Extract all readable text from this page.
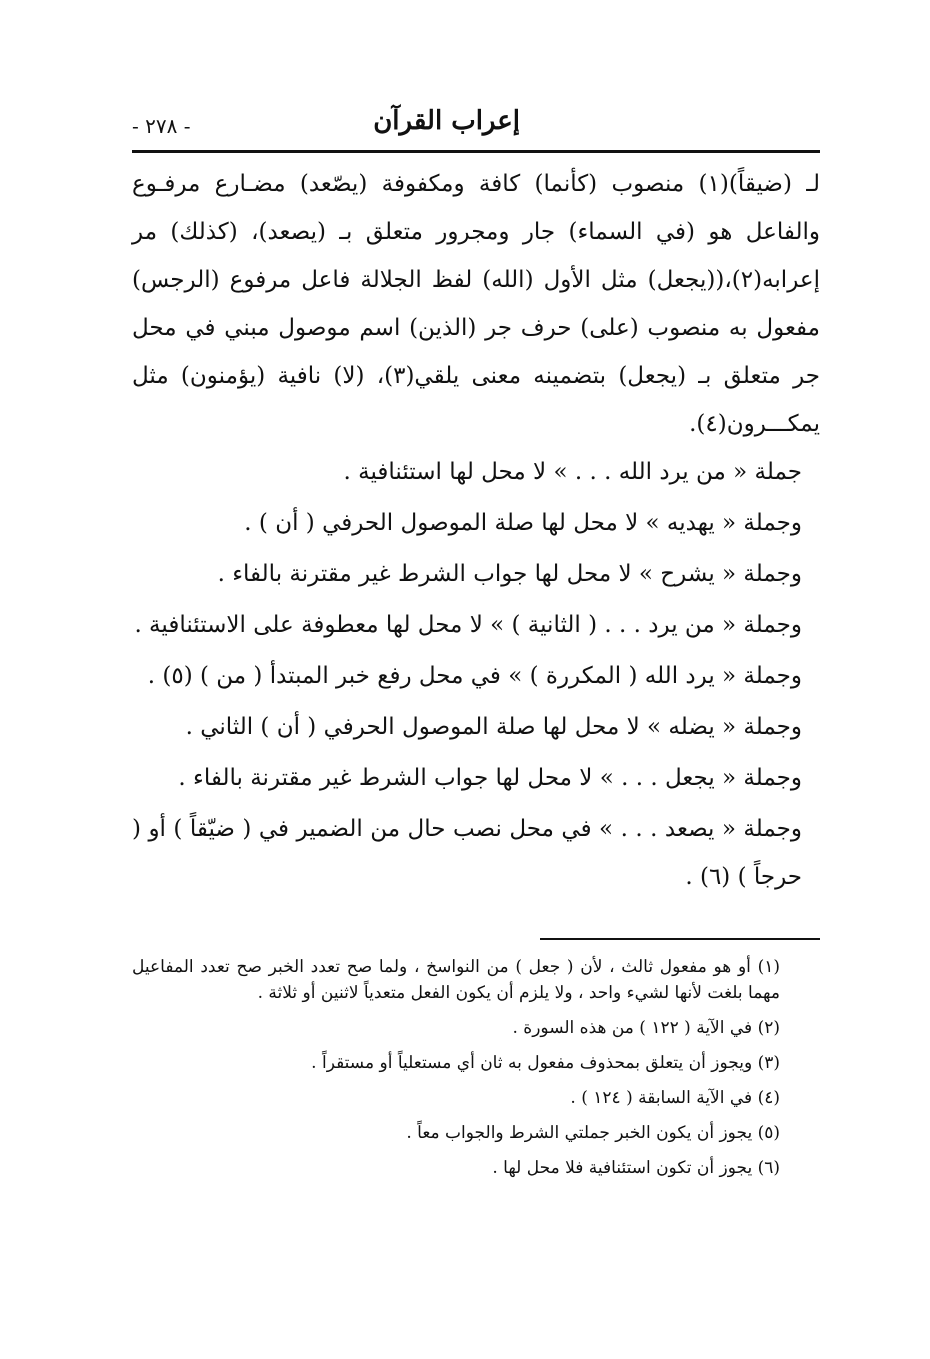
إعراب القرآن
- ٢٧٨ -

لـ (ضيقاً)(١) منصوب (كأنما) كافة ومكفوفة (يصّعد) مضـارع مرفـوع والفاعل هو (في السماء) جار ومجرور متعلق بـ (يصعد)، (كذلك) مر إعرابه(٢)،((يجعل) مثل الأول (الله) لفظ الجلالة فاعل مرفوع (الرجس) مفعول به منصوب (على) حرف جر (الذين) اسم موصول مبني في محل جر متعلق بـ (يجعل) بتضمينه معنى يلقي(٣)، (لا) نافية (يؤمنون) مثل يمكـــرون(٤).

جملة « من يرد الله . . . » لا محل لها استئنافية .

وجملة « يهديه » لا محل لها صلة الموصول الحرفي ( أن ) .

وجملة « يشرح » لا محل لها جواب الشرط غير مقترنة بالفاء .

وجملة « من يرد . . . ( الثانية ) » لا محل لها معطوفة على الاستئنافية .

وجملة « يرد الله ( المكررة ) » في محل رفع خبر المبتدأ ( من ) (٥) .

وجملة « يضله » لا محل لها صلة الموصول الحرفي ( أن ) الثاني .

وجملة « يجعل . . . » لا محل لها جواب الشرط غير مقترنة بالفاء .

وجملة « يصعد . . . » في محل نصب حال من الضمير في ( ضيّقاً ) أو ( حرجاً ) (٦) .

(١) أو هو مفعول ثالث ، لأن ( جعل ) من النواسخ ، ولما صح تعدد الخبر صح تعدد المفاعيل مهما بلغت لأنها لشيء واحد ، ولا يلزم أن يكون الفعل متعدياً لاثنين أو ثلاثة .

(٢) في الآية ( ١٢٢ ) من هذه السورة .

(٣) ويجوز أن يتعلق بمحذوف مفعول به ثان أي مستعلياً أو مستقراً .

(٤) في الآية السابقة ( ١٢٤ ) .

(٥) يجوز أن يكون الخبر جملتي الشرط والجواب معاً .

(٦) يجوز أن تكون استئنافية فلا محل لها .
